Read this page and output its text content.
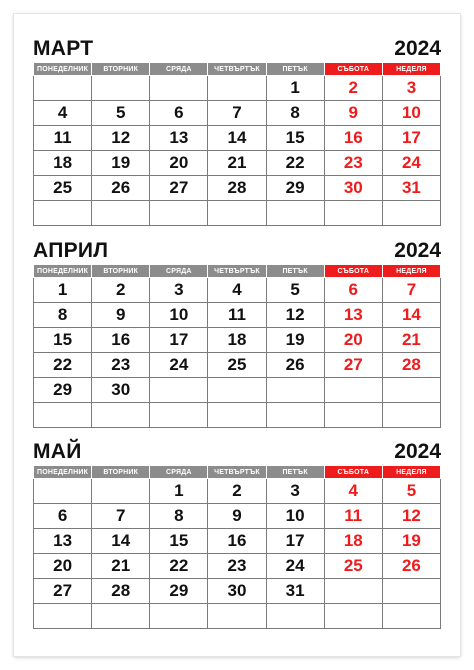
МАРТ	2024
ПОНЕДЕЛНИК	ВТОРНИК	СРЯДА	ЧЕТВЪРТЪК	ПЕТЪК	СЪБОТА	НЕДЕЛЯ
				1	2	3
4	5	6	7	8	9	10
11	12	13	14	15	16	17
18	19	20	21	22	23	24
25	26	27	28	29	30	31

АПРИЛ	2024
ПОНЕДЕЛНИК	ВТОРНИК	СРЯДА	ЧЕТВЪРТЪК	ПЕТЪК	СЪБОТА	НЕДЕЛЯ
1	2	3	4	5	6	7
8	9	10	11	12	13	14
15	16	17	18	19	20	21
22	23	24	25	26	27	28
29	30					

МАЙ	2024
ПОНЕДЕЛНИК	ВТОРНИК	СРЯДА	ЧЕТВЪРТЪК	ПЕТЪК	СЪБОТА	НЕДЕЛЯ
		1	2	3	4	5
6	7	8	9	10	11	12
13	14	15	16	17	18	19
20	21	22	23	24	25	26
27	28	29	30	31		
